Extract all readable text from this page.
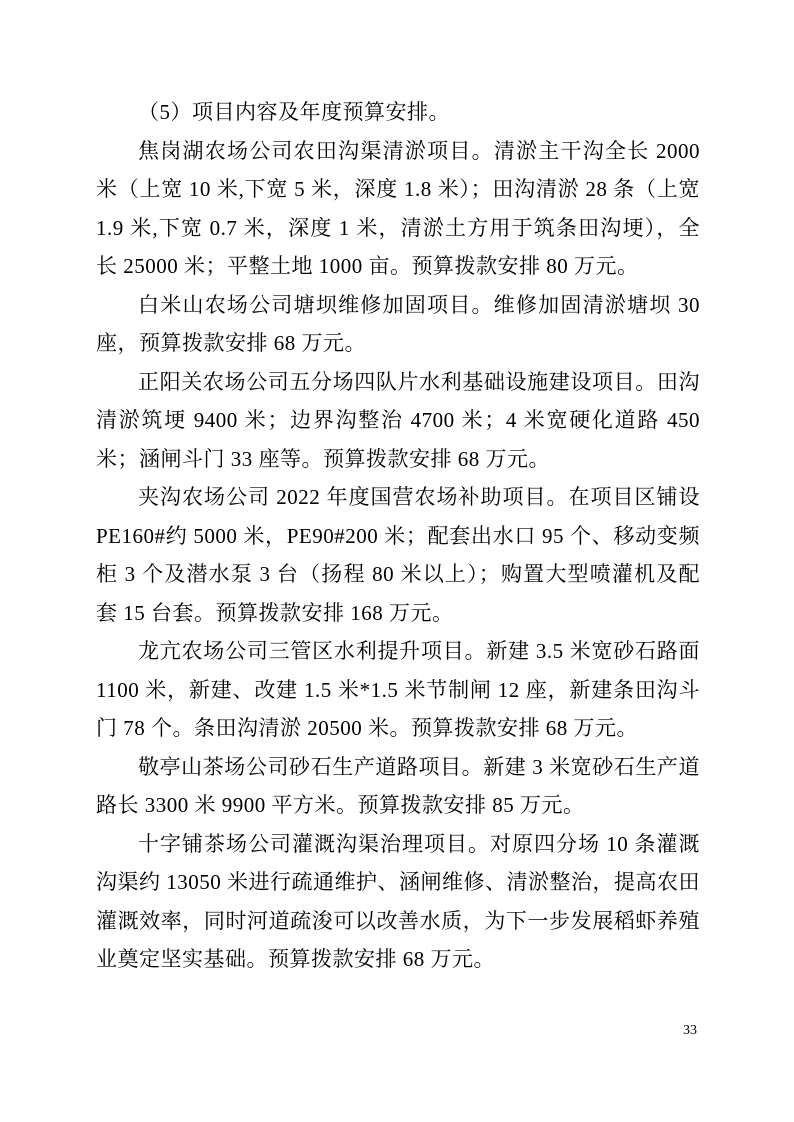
（5）项目内容及年度预算安排。

焦岗湖农场公司农田沟渠清淤项目。清淤主干沟全长 2000 米（上宽 10 米,下宽 5 米，深度 1.8 米）；田沟清淤 28 条（上宽 1.9 米,下宽 0.7 米，深度 1 米，清淤土方用于筑条田沟埂），全长 25000 米；平整土地 1000 亩。预算拨款安排 80 万元。

白米山农场公司塘坝维修加固项目。维修加固清淤塘坝 30 座，预算拨款安排 68 万元。

正阳关农场公司五分场四队片水利基础设施建设项目。田沟清淤筑埂 9400 米；边界沟整治 4700 米；4 米宽硬化道路 450 米；涵闸斗门 33 座等。预算拨款安排 68 万元。

夹沟农场公司 2022 年度国营农场补助项目。在项目区铺设 PE160#约 5000 米，PE90#200 米；配套出水口 95 个、移动变频柜 3 个及潜水泵 3 台（扬程 80 米以上）；购置大型喷灌机及配套 15 台套。预算拨款安排 168 万元。

龙亢农场公司三管区水利提升项目。新建 3.5 米宽砂石路面 1100 米，新建、改建 1.5 米*1.5 米节制闸 12 座，新建条田沟斗门 78 个。条田沟清淤 20500 米。预算拨款安排 68 万元。

敬亭山茶场公司砂石生产道路项目。新建 3 米宽砂石生产道路长 3300 米 9900 平方米。预算拨款安排 85 万元。

十字铺茶场公司灌溉沟渠治理项目。对原四分场 10 条灌溉沟渠约 13050 米进行疏通维护、涵闸维修、清淤整治，提高农田灌溉效率，同时河道疏浚可以改善水质，为下一步发展稻虾养殖业奠定坚实基础。预算拨款安排 68 万元。

33
